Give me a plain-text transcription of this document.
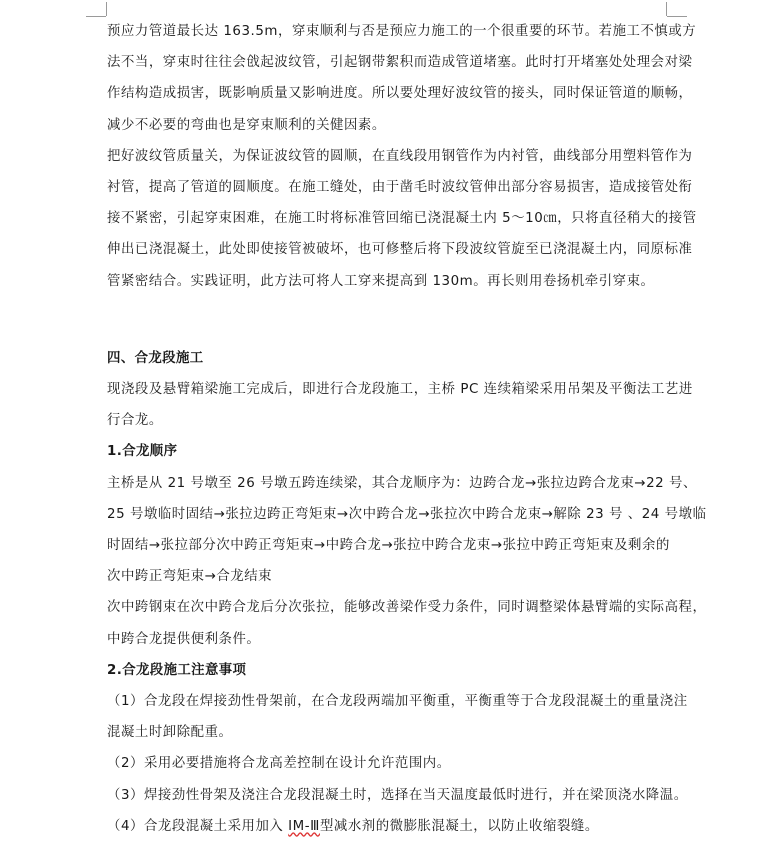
预应力管道最长达 163.5m，穿束顺利与否是预应力施工的一个很重要的环节。若施工不慎或方

法不当，穿束时往往会戗起波纹管，引起钢带絮积而造成管道堵塞。此时打开堵塞处处理会对梁

作结构造成损害，既影响质量又影响进度。所以要处理好波纹管的接头，同时保证管道的顺畅，

减少不必要的弯曲也是穿束顺利的关健因素。

把好波纹管质量关，为保证波纹管的圆顺，在直线段用钢管作为内衬管，曲线部分用塑料管作为

衬管，提高了管道的圆顺度。在施工缝处，由于凿毛时波纹管伸出部分容易损害，造成接管处衔

接不紧密，引起穿束困难，在施工时将标准管回缩已浇混凝土内 5～10㎝，只将直径稍大的接管

伸出已浇混凝土，此处即使接管被破坏，也可修整后将下段波纹管旋至已浇混凝土内，同原标准

管紧密结合。实践证明，此方法可将人工穿来提高到 130m。再长则用卷扬机牵引穿束。

四、合龙段施工

现浇段及悬臂箱梁施工完成后，即进行合龙段施工，主桥 PC 连续箱梁采用吊架及平衡法工艺进

行合龙。

1.合龙顺序

主桥是从 21 号墩至 26 号墩五跨连续梁，其合龙顺序为：边跨合龙→张拉边跨合龙束→22 号、

25 号墩临时固结→张拉边跨正弯矩束→次中跨合龙→张拉次中跨合龙束→解除 23 号 、24 号墩临

时固结→张拉部分次中跨正弯矩束→中跨合龙→张拉中跨合龙束→张拉中跨正弯矩束及剩余的

次中跨正弯矩束→合龙结束

次中跨钢束在次中跨合龙后分次张拉，能够改善梁作受力条件，同时调整梁体悬臂端的实际高程，

中跨合龙提供便利条件。

2.合龙段施工注意事项

（1）合龙段在焊接劲性骨架前，在合龙段两端加平衡重，平衡重等于合龙段混凝土的重量浇注

混凝土时卸除配重。

（2）采用必要措施将合龙高差控制在设计允许范围内。

（3）焊接劲性骨架及浇注合龙段混凝土时，选择在当天温度最低时进行，并在梁顶浇水降温。

（4）合龙段混凝土采用加入 IM-Ⅲ型减水剂的微膨胀混凝土，以防止收缩裂缝。
